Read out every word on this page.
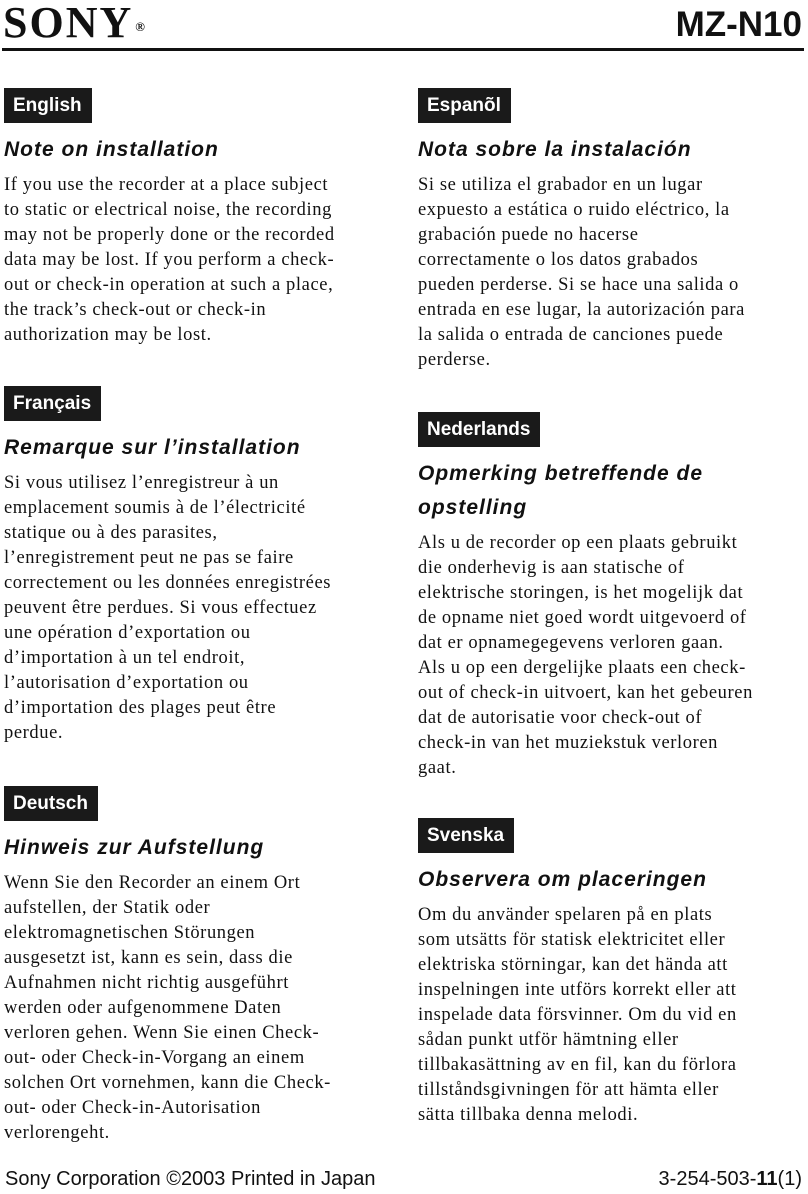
SONY ®	MZ-N10
English
Note on installation
If you use the recorder at a place subject
to static or electrical noise, the recording
may not be properly done or the recorded
data may be lost. If you perform a check-
out or check-in operation at such a place,
the track’s check-out or check-in
authorization may be lost.
Français
Remarque sur l’installation
Si vous utilisez l’enregistreur à un
emplacement soumis à de l’électricité
statique ou à des parasites,
l’enregistrement peut ne pas se faire
correctement ou les données enregistrées
peuvent être perdues. Si vous effectuez
une opération d’exportation ou
d’importation à un tel endroit,
l’autorisation d’exportation ou
d’importation des plages peut être
perdue.
Deutsch
Hinweis zur Aufstellung
Wenn Sie den Recorder an einem Ort
aufstellen, der Statik oder
elektromagnetischen Störungen
ausgesetzt ist, kann es sein, dass die
Aufnahmen nicht richtig ausgeführt
werden oder aufgenommene Daten
verloren gehen. Wenn Sie einen Check-
out- oder Check-in-Vorgang an einem
solchen Ort vornehmen, kann die Check-
out- oder Check-in-Autorisation
verlorengeht.
Espanõl
Nota sobre la instalación
Si se utiliza el grabador en un lugar
expuesto a estática o ruido eléctrico, la
grabación puede no hacerse
correctamente o los datos grabados
pueden perderse. Si se hace una salida o
entrada en ese lugar, la autorización para
la salida o entrada de canciones puede
perderse.
Nederlands
Opmerking betreffende de
opstelling
Als u de recorder op een plaats gebruikt
die onderhevig is aan statische of
elektrische storingen, is het mogelijk dat
de opname niet goed wordt uitgevoerd of
dat er opnamegegevens verloren gaan.
Als u op een dergelijke plaats een check-
out of check-in uitvoert, kan het gebeuren
dat de autorisatie voor check-out of
check-in van het muziekstuk verloren
gaat.
Svenska
Observera om placeringen
Om du använder spelaren på en plats
som utsätts för statisk elektricitet eller
elektriska störningar, kan det hända att
inspelningen inte utförs korrekt eller att
inspelade data försvinner. Om du vid en
sådan punkt utför hämtning eller
tillbakasättning av en fil, kan du förlora
tillståndsgivningen för att hämta eller
sätta tillbaka denna melodi.
Sony Corporation ©2003 Printed in Japan	3-254-503-11(1)
